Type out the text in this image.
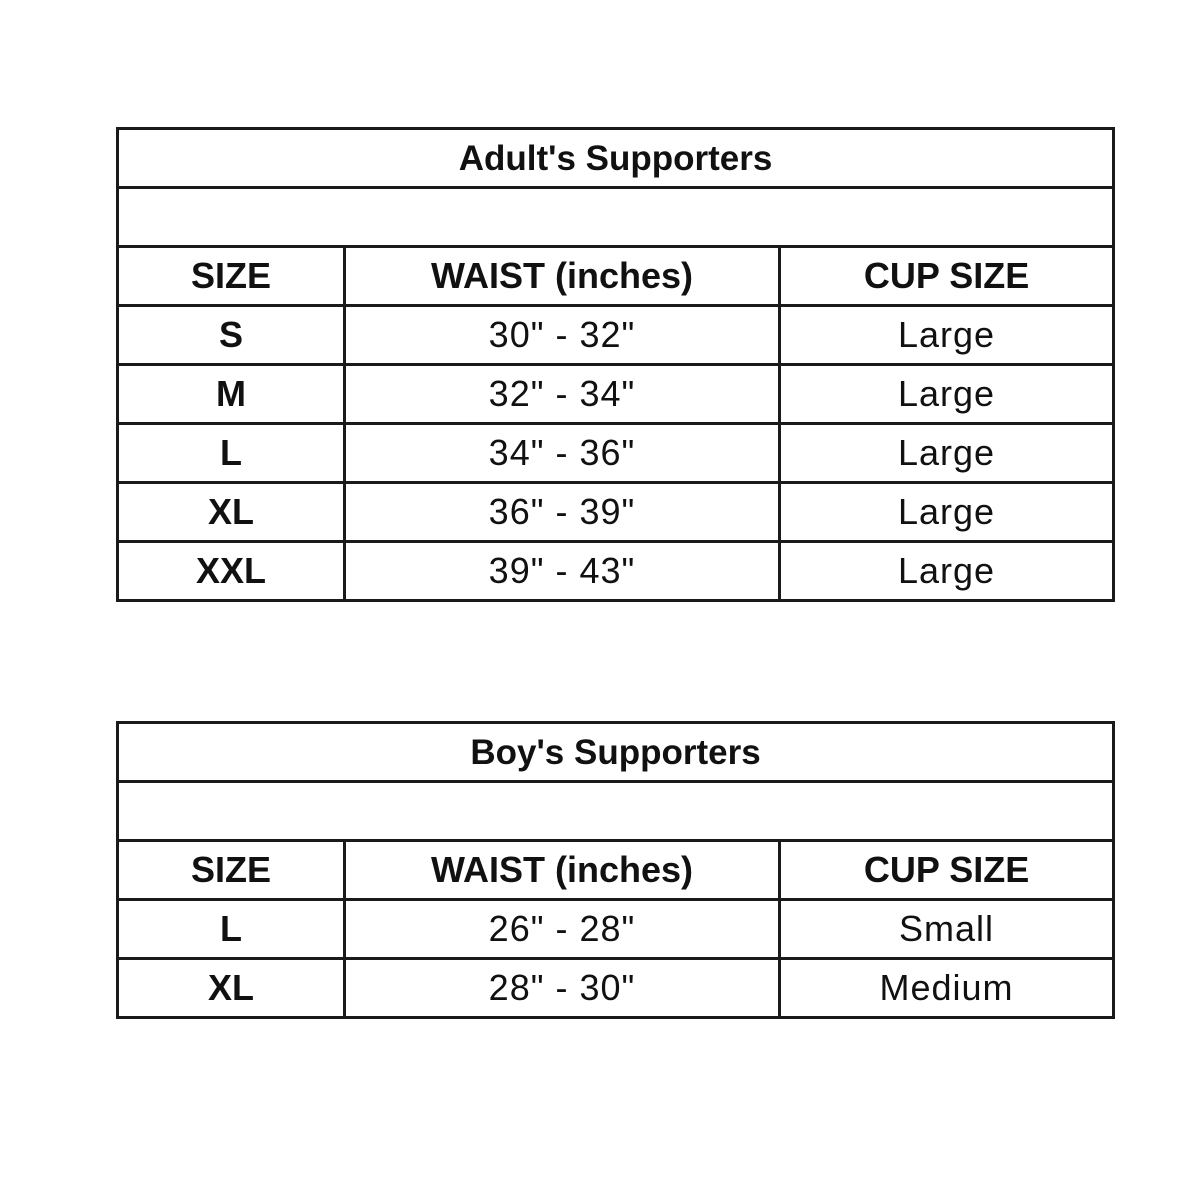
Adult's Supporters		

SIZE	WAIST (inches)	CUP SIZE
S	30" - 32"	Large
M	32" - 34"	Large
L	34" - 36"	Large
XL	36" - 39"	Large
XXL	39" - 43"	Large
Boy's Supporters		

SIZE	WAIST (inches)	CUP SIZE
L	26" - 28"	Small
XL	28" - 30"	Medium
